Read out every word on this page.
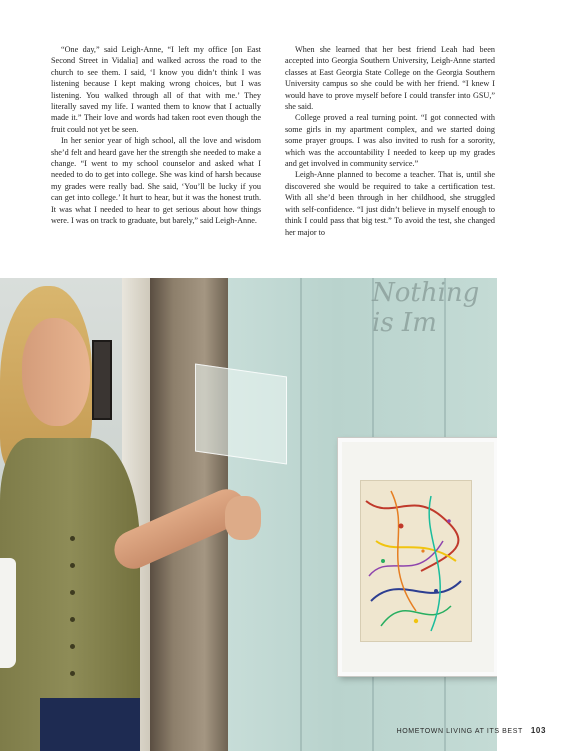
“One day,” said Leigh-Anne, “I left my office [on East Second Street in Vidalia] and walked across the road to the church to see them. I said, ‘I know you didn’t think I was listening because I kept making wrong choices, but I was listening. You walked through all of that with me.’ They literally saved my life. I wanted them to know that I actually made it.” Their love and words had taken root even though the fruit could not yet be seen.

In her senior year of high school, all the love and wisdom she’d felt and heard gave her the strength she needed to make a change. “I went to my school counselor and asked what I needed to do to get into college. She was kind of harsh because my grades were really bad. She said, ‘You’ll be lucky if you can get into college.’ It hurt to hear, but it was the honest truth. It was what I needed to hear to get serious about how things were. I was on track to graduate, but barely,” said Leigh-Anne.

When she learned that her best friend Leah had been accepted into Georgia Southern University, Leigh-Anne started classes at East Georgia State College on the Georgia Southern University campus so she could be with her friend. “I knew I would have to prove myself before I could transfer into GSU,” she said.

College proved a real turning point. “I got connected with some girls in my apartment complex, and we started doing some prayer groups. I was also invited to rush for a sorority, which was the accountability I needed to keep up my grades and get involved in community service.”

Leigh-Anne planned to become a teacher. That is, until she discovered she would be required to take a certification test. With all she’d been through in her childhood, she struggled with self-confidence. “I just didn’t believe in myself enough to think I could pass that big test.” To avoid the test, she changed her major to

Nothing is Im
HOMETOWN LIVING AT ITS BEST 103
